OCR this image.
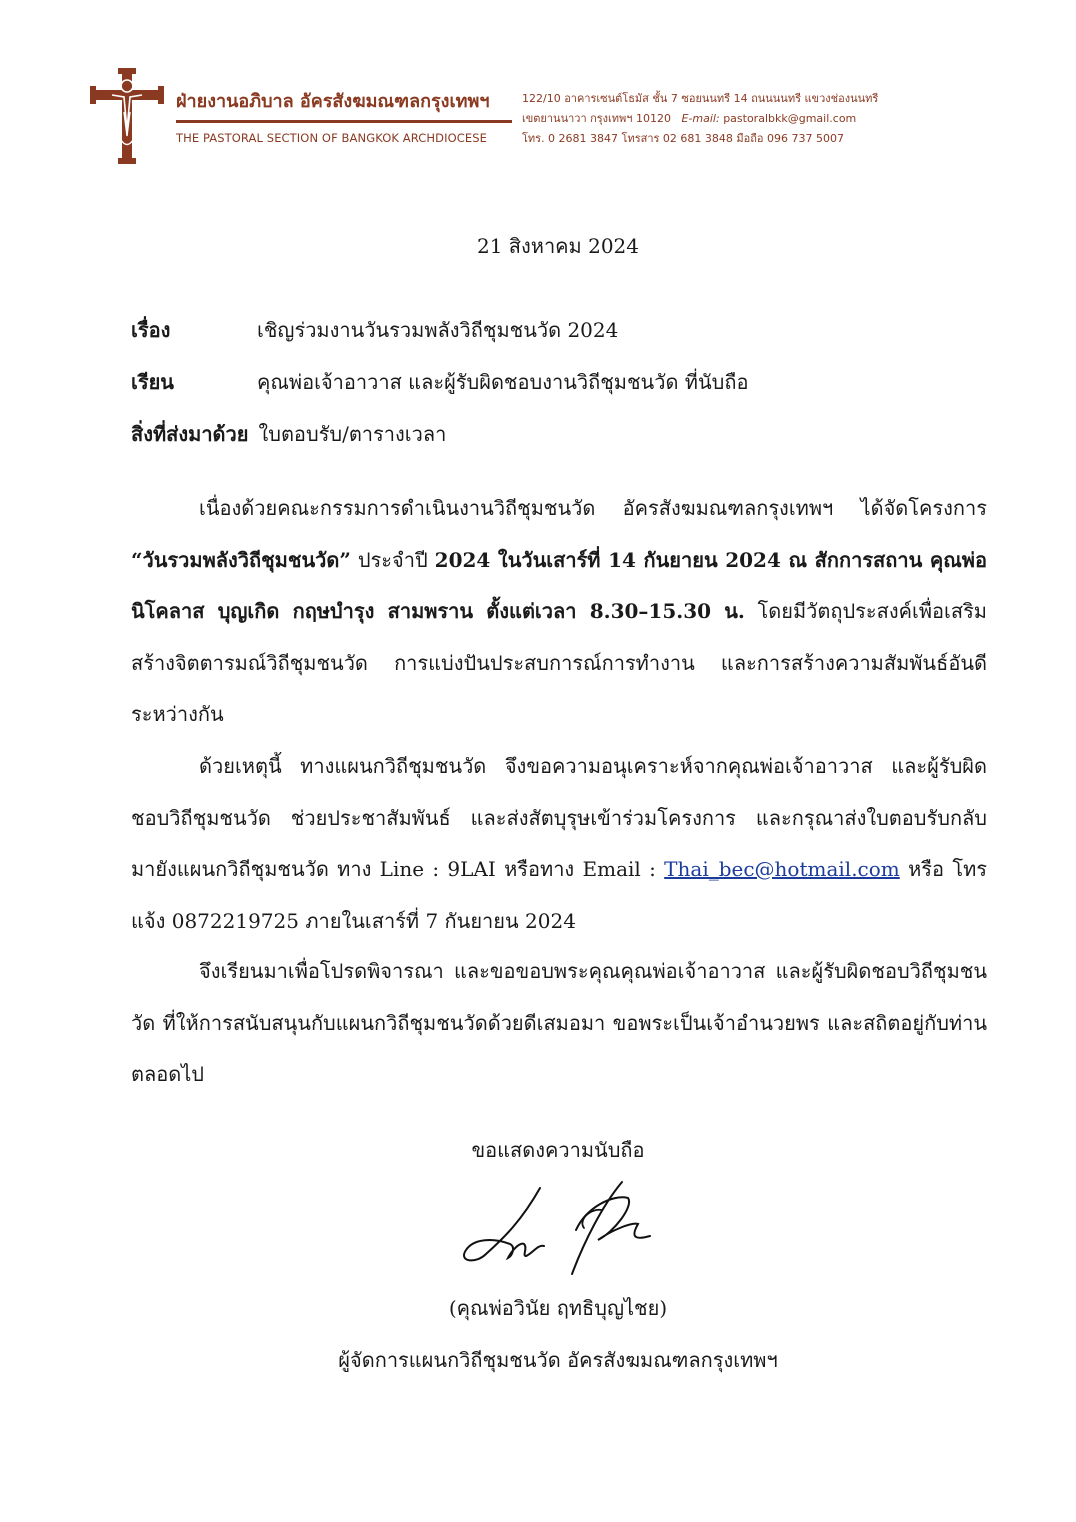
ฝ่ายงานอภิบาล อัครสังฆมณฑลกรุงเทพฯ
THE PASTORAL SECTION OF BANGKOK ARCHDIOCESE
122/10 อาคารเซนต์โธมัส ชั้น 7 ซอยนนทรี 14 ถนนนนทรี แขวงช่องนนทรี
เขตยานนาวา กรุงเทพฯ 10120 E-mail: pastoralbkk@gmail.com
โทร. 0 2681 3847 โทรสาร 02 681 3848 มือถือ 096 737 5007
21 สิงหาคม 2024
เรื่อง	เชิญร่วมงานวันรวมพลังวิถีชุมชนวัด 2024
เรียน	คุณพ่อเจ้าอาวาส และผู้รับผิดชอบงานวิถีชุมชนวัด ที่นับถือ
สิ่งที่ส่งมาด้วย ใบตอบรับ/ตารางเวลา

เนื่องด้วยคณะกรรมการดำเนินงานวิถีชุมชนวัด อัครสังฆมณฑลกรุงเทพฯ ได้จัดโครงการ “วันรวมพลังวิถีชุมชนวัด” ประจำปี 2024 ในวันเสาร์ที่ 14 กันยายน 2024 ณ สักการสถาน คุณพ่อนิโคลาส บุญเกิด กฤษบำรุง สามพราน ตั้งแต่เวลา 8.30–15.30 น. โดยมีวัตถุประสงค์เพื่อเสริมสร้างจิตตารมณ์วิถีชุมชนวัด การแบ่งปันประสบการณ์การทำงาน และการสร้างความสัมพันธ์อันดีระหว่างกัน

ด้วยเหตุนี้ ทางแผนกวิถีชุมชนวัด จึงขอความอนุเคราะห์จากคุณพ่อเจ้าอาวาส และผู้รับผิดชอบวิถีชุมชนวัด ช่วยประชาสัมพันธ์ และส่งสัตบุรุษเข้าร่วมโครงการ และกรุณาส่งใบตอบรับกลับมายังแผนกวิถีชุมชนวัด ทาง Line : 9LAI หรือทาง Email : Thai_bec@hotmail.com หรือ โทรแจ้ง 0872219725 ภายในเสาร์ที่ 7 กันยายน 2024

จึงเรียนมาเพื่อโปรดพิจารณา และขอขอบพระคุณคุณพ่อเจ้าอาวาส และผู้รับผิดชอบวิถีชุมชนวัด ที่ให้การสนับสนุนกับแผนกวิถีชุมชนวัดด้วยดีเสมอมา ขอพระเป็นเจ้าอำนวยพร และสถิตอยู่กับท่านตลอดไป

ขอแสดงความนับถือ
(คุณพ่อวินัย ฤทธิบุญไชย)
ผู้จัดการแผนกวิถีชุมชนวัด อัครสังฆมณฑลกรุงเทพฯ
